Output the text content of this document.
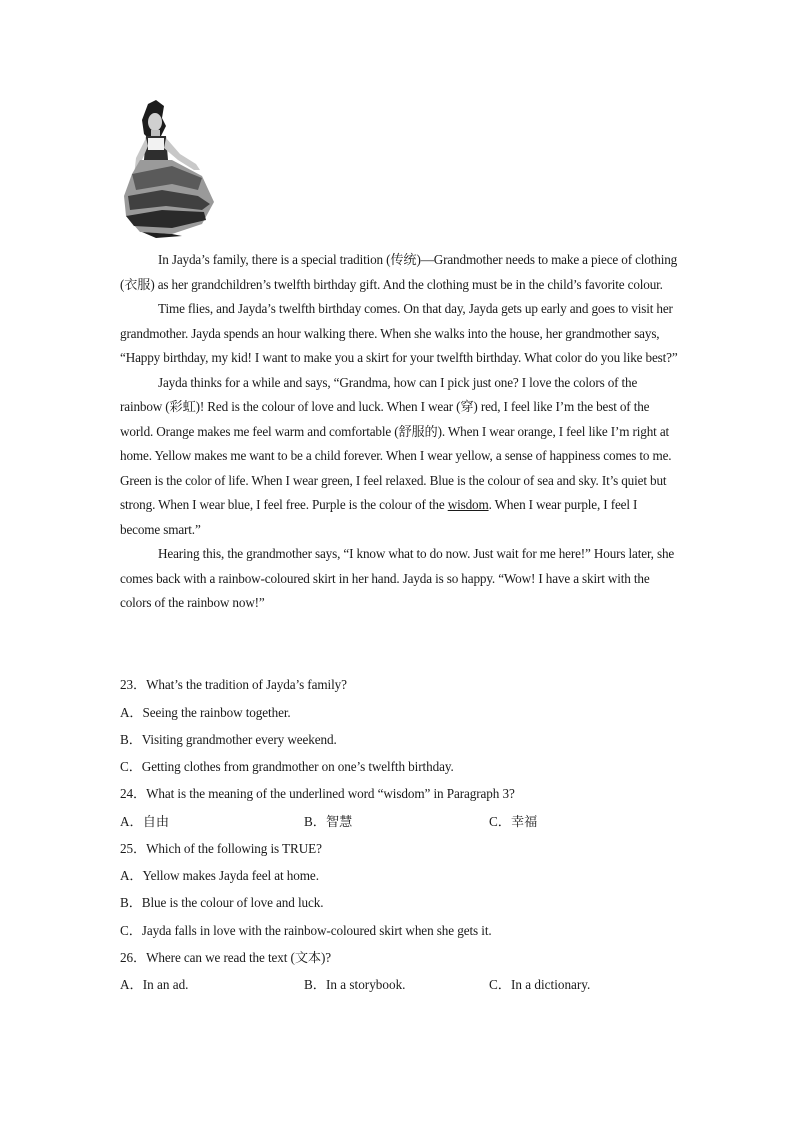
In Jayda’s family, there is a special tradition (传统)—Grandmother needs to make a piece of clothing (衣服) as her grandchildren’s twelfth birthday gift. And the clothing must be in the child’s favorite colour.

Time flies, and Jayda’s twelfth birthday comes. On that day, Jayda gets up early and goes to visit her grandmother. Jayda spends an hour walking there. When she walks into the house, her grandmother says, “Happy birthday, my kid! I want to make you a skirt for your twelfth birthday. What color do you like best?”

Jayda thinks for a while and says, “Grandma, how can I pick just one? I love the colors of the rainbow (彩虹)! Red is the colour of love and luck. When I wear (穿) red, I feel like I’m the best of the world. Orange makes me feel warm and comfortable (舒服的). When I wear orange, I feel like I’m right at home. Yellow makes me want to be a child forever. When I wear yellow, a sense of happiness comes to me. Green is the color of life. When I wear green, I feel relaxed. Blue is the colour of sea and sky. It’s quiet but strong. When I wear blue, I feel free. Purple is the colour of the wisdom. When I wear purple, I feel I become smart.”

Hearing this, the grandmother says, “I know what to do now. Just wait for me here!” Hours later, she comes back with a rainbow-coloured skirt in her hand. Jayda is so happy. “Wow! I have a skirt with the colors of the rainbow now!”

23．What’s the tradition of Jayda’s family?
A．Seeing the rainbow together.
B．Visiting grandmother every weekend.
C．Getting clothes from grandmother on one’s twelfth birthday.
24．What is the meaning of the underlined word “wisdom” in Paragraph 3?
A．自由	B．智慧	C．幸福
25．Which of the following is TRUE?
A．Yellow makes Jayda feel at home.
B．Blue is the colour of love and luck.
C．Jayda falls in love with the rainbow-coloured skirt when she gets it.
26．Where can we read the text (文本)?
A．In an ad.	B．In a storybook.	C．In a dictionary.
